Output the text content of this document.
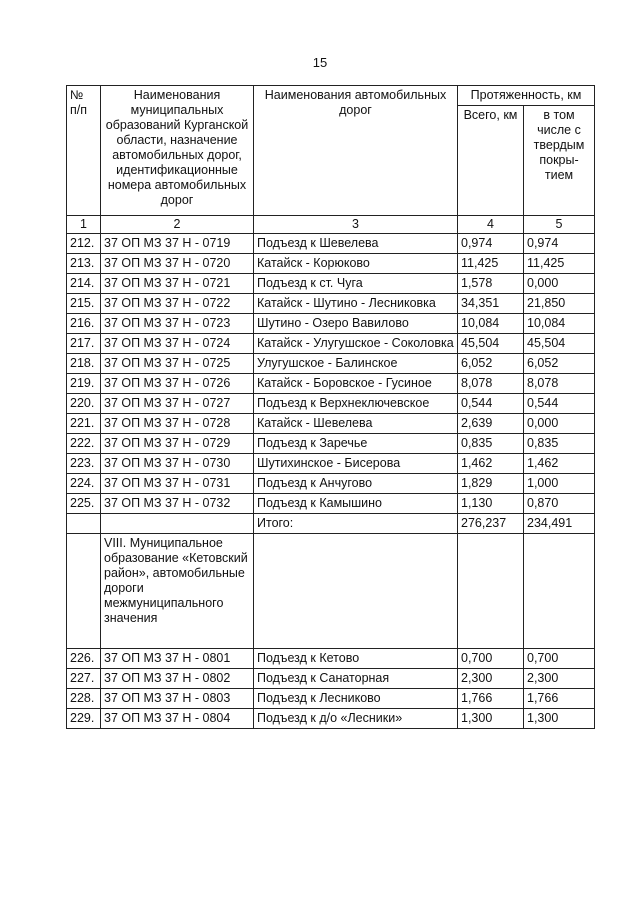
15
№ п/п	Наименования муниципальных образований Курганской области, назначение автомобильных дорог, идентификационные номера автомобильных дорог	Наименования автомобильных дорог	Протяженность, км	
			Всего, км	в том числе с твердым покры-тием
1	2	3	4	5
212.	37 ОП МЗ 37 Н - 0719	Подъезд к Шевелева	0,974	0,974
213.	37 ОП МЗ 37 Н - 0720	Катайск - Корюково	11,425	11,425
214.	37 ОП МЗ 37 Н - 0721	Подъезд к ст. Чуга	1,578	0,000
215.	37 ОП МЗ 37 Н - 0722	Катайск - Шутино - Лесниковка	34,351	21,850
216.	37 ОП МЗ 37 Н - 0723	Шутино - Озеро Вавилово	10,084	10,084
217.	37 ОП МЗ 37 Н - 0724	Катайск - Улугушское - Соколовка	45,504	45,504
218.	37 ОП МЗ 37 Н - 0725	Улугушское - Балинское	6,052	6,052
219.	37 ОП МЗ 37 Н - 0726	Катайск - Боровское - Гусиное	8,078	8,078
220.	37 ОП МЗ 37 Н - 0727	Подъезд к Верхнеключевское	0,544	0,544
221.	37 ОП МЗ 37 Н - 0728	Катайск - Шевелева	2,639	0,000
222.	37 ОП МЗ 37 Н - 0729	Подъезд к Заречье	0,835	0,835
223.	37 ОП МЗ 37 Н - 0730	Шутихинское - Бисерова	1,462	1,462
224.	37 ОП МЗ 37 Н - 0731	Подъезд к Анчугово	1,829	1,000
225.	37 ОП МЗ 37 Н - 0732	Подъезд к Камышино	1,130	0,870
		Итого:	276,237	234,491
	VIII. Муниципальное образование «Кетовский район», автомобильные дороги межмуниципального значения			
226.	37 ОП МЗ 37 Н - 0801	Подъезд к Кетово	0,700	0,700
227.	37 ОП МЗ 37 Н - 0802	Подъезд к Санаторная	2,300	2,300
228.	37 ОП МЗ 37 Н - 0803	Подъезд к Лесниково	1,766	1,766
229.	37 ОП МЗ 37 Н - 0804	Подъезд к д/о «Лесники»	1,300	1,300
